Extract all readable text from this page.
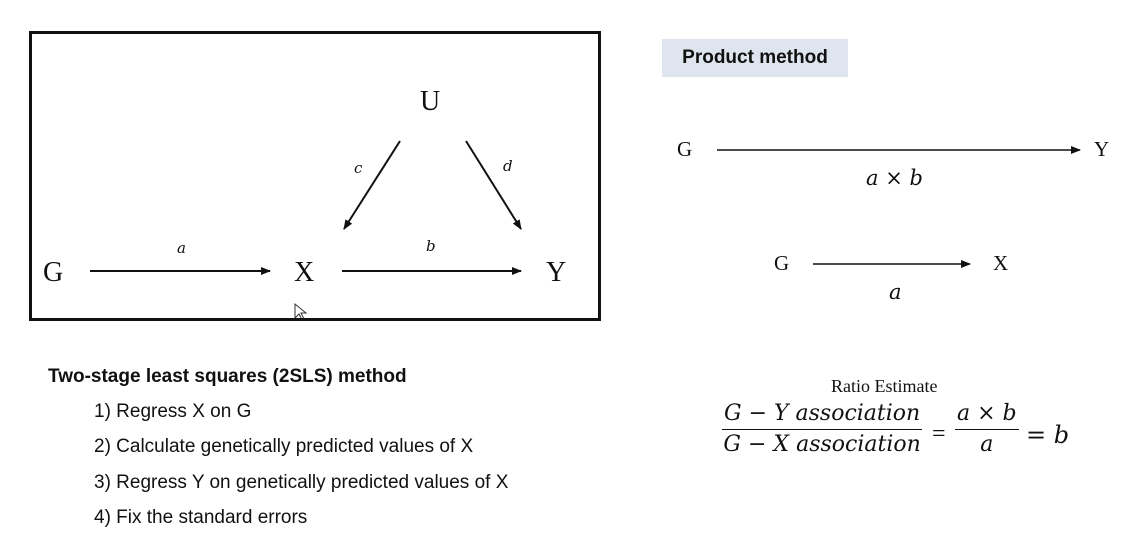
U
G	X	Y
a	b
c	d
Product method
G	Y
a × b
G	X
a
Two-stage least squares (2SLS) method
1) Regress X on G
2) Calculate genetically predicted values of X
3) Regress Y on genetically predicted values of X
4) Fix the standard errors
Ratio Estimate
G − Y association
G − X association = $\frac{a \times b}{a} = b$
